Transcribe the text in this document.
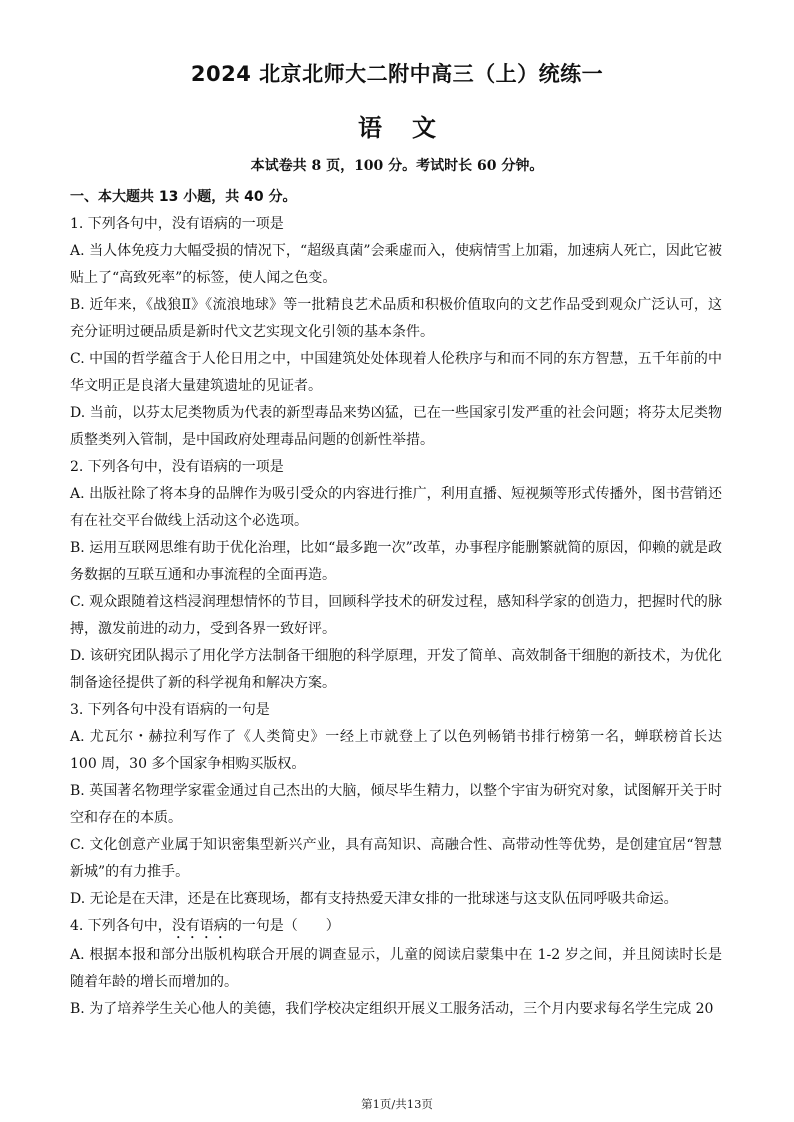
2024 北京北师大二附中高三（上）统练一
语文
本试卷共 8 页，100 分。考试时长 60 分钟。

一、本大题共 13 小题，共 40 分。

1. 下列各句中，没有语病的一项是

A. 当人体免疫力大幅受损的情况下，“超级真菌”会乘虚而入，使病情雪上加霜，加速病人死亡，因此它被贴上了“高致死率”的标签，使人闻之色变。

B. 近年来，《战狼Ⅱ》《流浪地球》等一批精良艺术品质和积极价值取向的文艺作品受到观众广泛认可，这充分证明过硬品质是新时代文艺实现文化引领的基本条件。

C. 中国的哲学蕴含于人伦日用之中，中国建筑处处体现着人伦秩序与和而不同的东方智慧，五千年前的中华文明正是良渚大量建筑遗址的见证者。

D. 当前，以芬太尼类物质为代表的新型毒品来势凶猛，已在一些国家引发严重的社会问题；将芬太尼类物质整类列入管制，是中国政府处理毒品问题的创新性举措。

2. 下列各句中，没有语病的一项是

A. 出版社除了将本身的品牌作为吸引受众的内容进行推广，利用直播、短视频等形式传播外，图书营销还有在社交平台做线上活动这个必选项。

B. 运用互联网思维有助于优化治理，比如“最多跑一次”改革，办事程序能删繁就简的原因，仰赖的就是政务数据的互联互通和办事流程的全面再造。

C. 观众跟随着这档浸润理想情怀的节目，回顾科学技术的研发过程，感知科学家的创造力，把握时代的脉搏，激发前进的动力，受到各界一致好评。

D. 该研究团队揭示了用化学方法制备干细胞的科学原理，开发了简单、高效制备干细胞的新技术，为优化制备途径提供了新的科学视角和解决方案。

3. 下列各句中没有语病的一句是

A. 尤瓦尔・赫拉利写作了《人类简史》一经上市就登上了以色列畅销书排行榜第一名，蝉联榜首长达 100 周，30 多个国家争相购买版权。

B. 英国著名物理学家霍金通过自己杰出的大脑，倾尽毕生精力，以整个宇宙为研究对象，试图解开关于时空和存在的本质。

C. 文化创意产业属于知识密集型新兴产业，具有高知识、高融合性、高带动性等优势，是创建宜居“智慧新城”的有力推手。

D. 无论是在天津，还是在比赛现场，都有支持热爱天津女排的一批球迷与这支队伍同呼吸共命运。

4. 下列各句中，没有语病的一句是（　　）

A. 根据本报和部分出版机构联合开展的调查显示，儿童的阅读启蒙集中在 1-2 岁之间，并且阅读时长是随着年龄的增长而增加的。

B. 为了培养学生关心他人的美德，我们学校决定组织开展义工服务活动，三个月内要求每名学生完成 20

第1页/共13页
